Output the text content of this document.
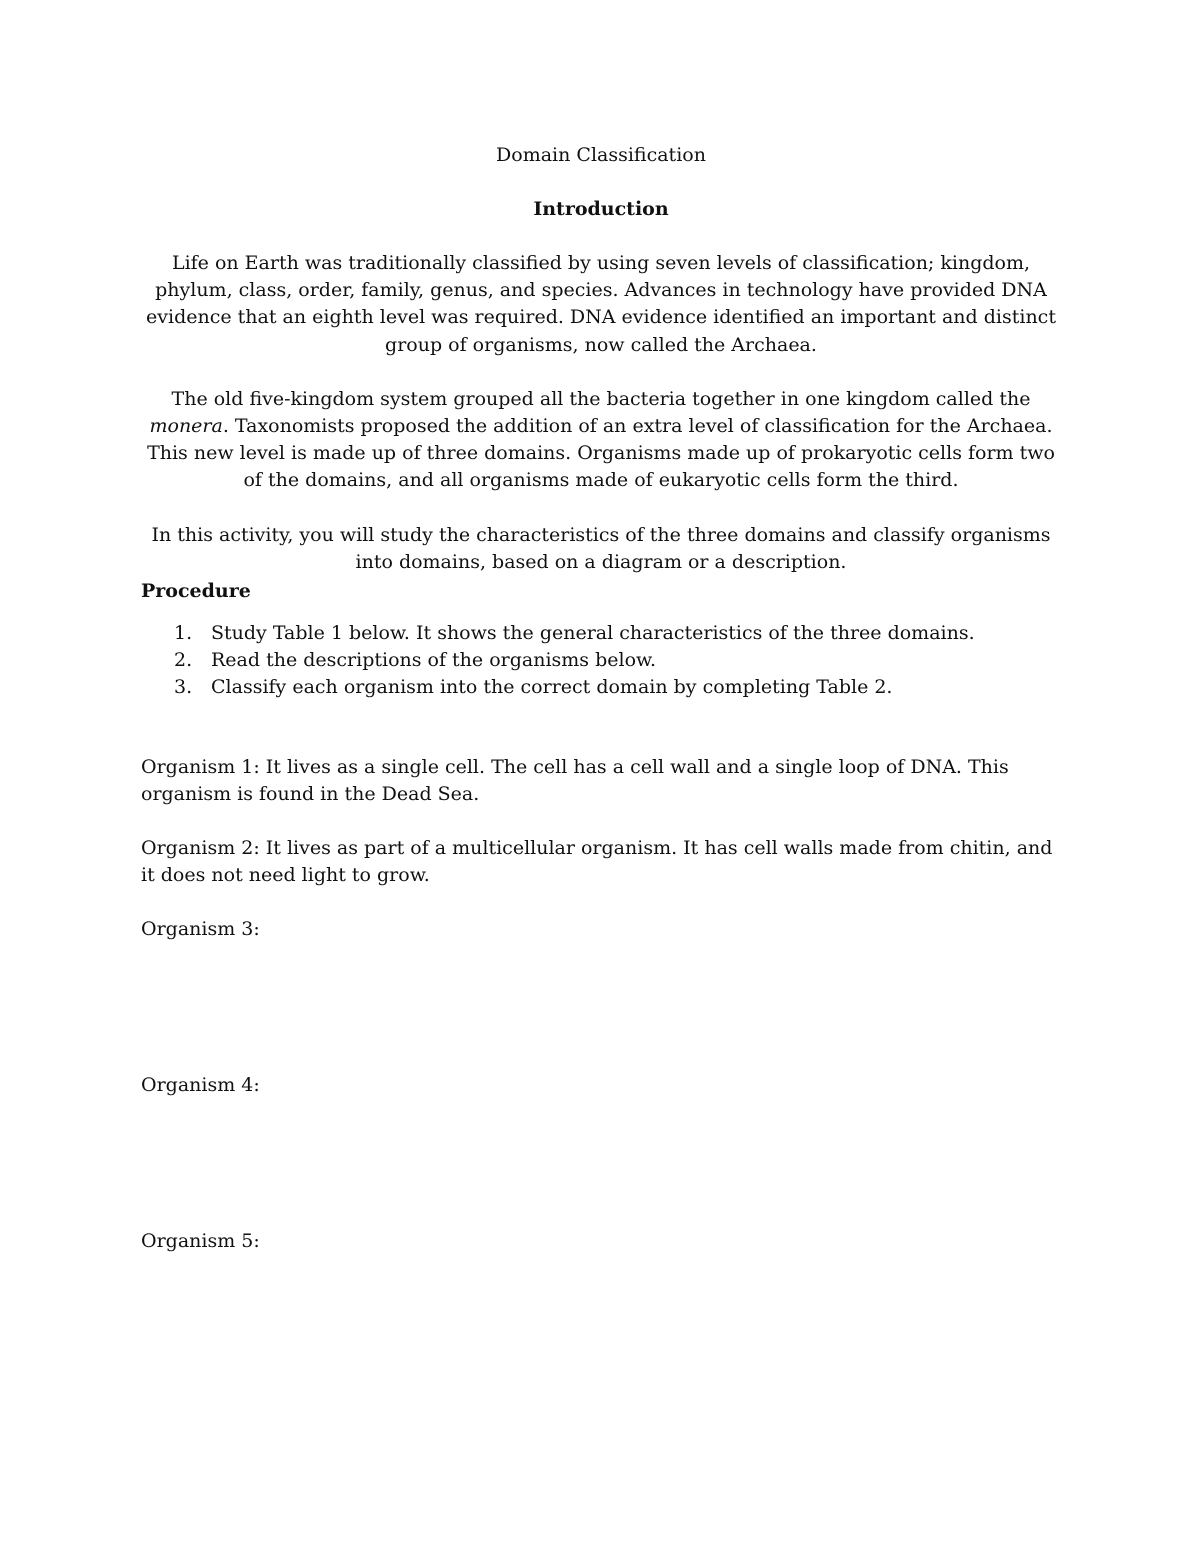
Domain Classification
Introduction

Life on Earth was traditionally classified by using seven levels of classification; kingdom, phylum, class, order, family, genus, and species. Advances in technology have provided DNA evidence that an eighth level was required. DNA evidence identified an important and distinct group of organisms, now called the Archaea.

The old five-kingdom system grouped all the bacteria together in one kingdom called the monera. Taxonomists proposed the addition of an extra level of classification for the Archaea. This new level is made up of three domains. Organisms made up of prokaryotic cells form two of the domains, and all organisms made of eukaryotic cells form the third.

In this activity, you will study the characteristics of the three domains and classify organisms into domains, based on a diagram or a description.

Procedure
1. Study Table 1 below. It shows the general characteristics of the three domains.
2. Read the descriptions of the organisms below.
3. Classify each organism into the correct domain by completing Table 2.

Organism 1: It lives as a single cell. The cell has a cell wall and a single loop of DNA. This organism is found in the Dead Sea.

Organism 2: It lives as part of a multicellular organism. It has cell walls made from chitin, and it does not need light to grow.

Organism 3:

Organism 4:

Organism 5:
